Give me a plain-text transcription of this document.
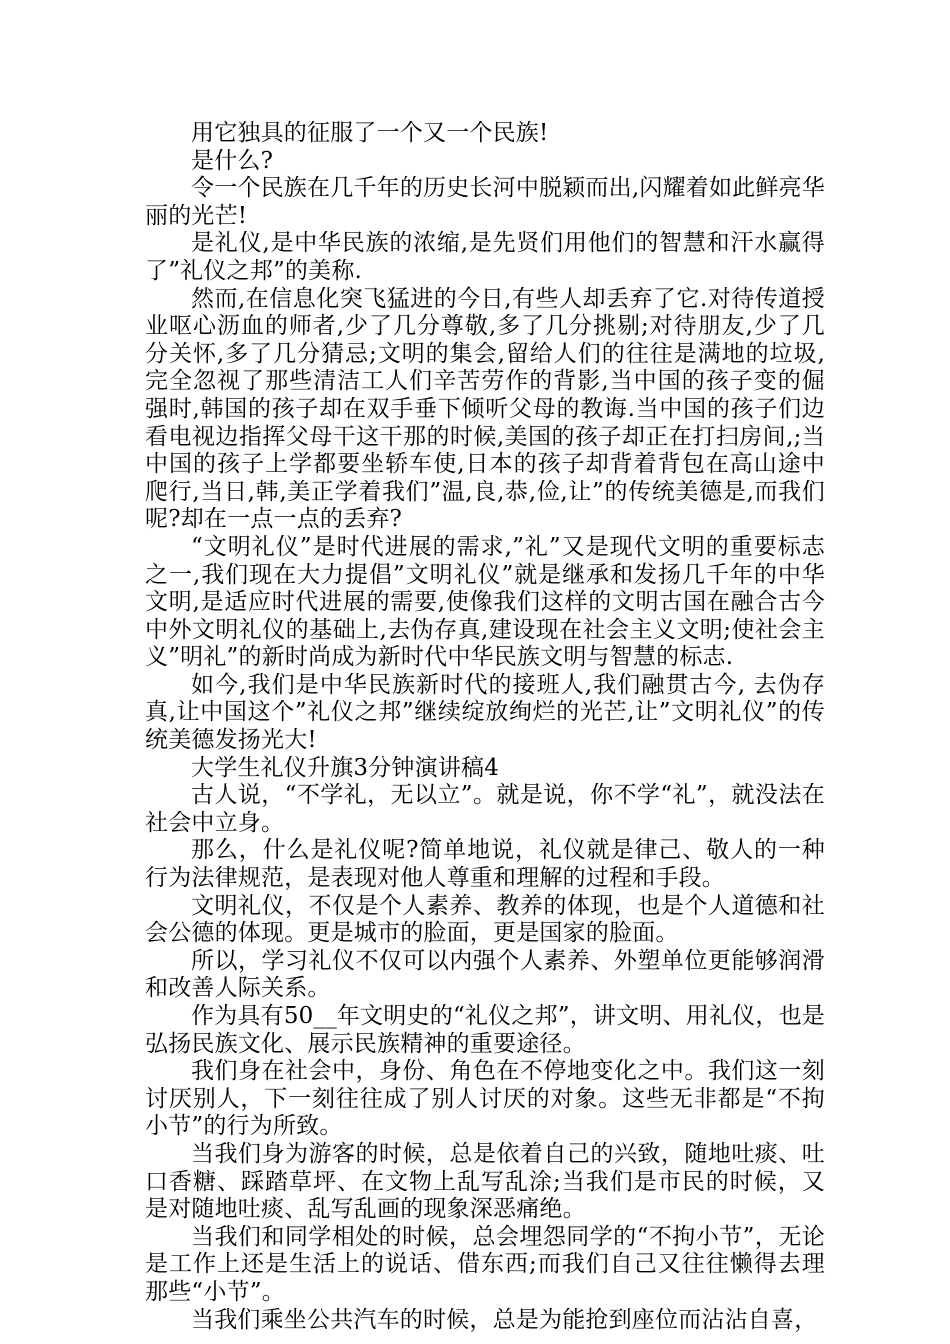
用它独具的征服了一个又一个民族!

是什么?

令一个民族在几千年的历史长河中脱颖而出,闪耀着如此鲜亮华丽的光芒!

是礼仪,是中华民族的浓缩,是先贤们用他们的智慧和汗水赢得了”礼仪之邦”的美称.

然而,在信息化突飞猛进的今日,有些人却丢弃了它.对待传道授业呕心沥血的师者,少了几分尊敬,多了几分挑剔;对待朋友,少了几分关怀,多了几分猜忌;文明的集会,留给人们的往往是满地的垃圾,完全忽视了那些清洁工人们辛苦劳作的背影,当中国的孩子变的倔强时,韩国的孩子却在双手垂下倾听父母的教诲.当中国的孩子们边看电视边指挥父母干这干那的时候,美国的孩子却正在打扫房间,;当中国的孩子上学都要坐轿车使,日本的孩子却背着背包在高山途中爬行,当日,韩,美正学着我们”温,良,恭,俭,让”的传统美德是,而我们呢?却在一点一点的丢弃?

“文明礼仪”是时代进展的需求,”礼”又是现代文明的重要标志之一,我们现在大力提倡”文明礼仪”就是继承和发扬几千年的中华文明,是适应时代进展的需要,使像我们这样的文明古国在融合古今中外文明礼仪的基础上,去伪存真,建设现在社会主义文明;使社会主义”明礼”的新时尚成为新时代中华民族文明与智慧的标志.

如今,我们是中华民族新时代的接班人,我们融贯古今, 去伪存真,让中国这个”礼仪之邦”继续绽放绚烂的光芒,让”文明礼仪”的传统美德发扬光大!

大学生礼仪升旗3分钟演讲稿4

古人说，“不学礼，无以立”。就是说，你不学“礼”，就没法在社会中立身。

那么，什么是礼仪呢?简单地说，礼仪就是律己、敬人的一种行为法律规范，是表现对他人尊重和理解的过程和手段。

文明礼仪，不仅是个人素养、教养的体现，也是个人道德和社会公德的体现。更是城市的脸面，更是国家的脸面。

所以，学习礼仪不仅可以内强个人素养、外塑单位更能够润滑和改善人际关系。

作为具有50__年文明史的“礼仪之邦”，讲文明、用礼仪，也是弘扬民族文化、展示民族精神的重要途径。

我们身在社会中，身份、角色在不停地变化之中。我们这一刻讨厌别人，下一刻往往成了别人讨厌的对象。这些无非都是“不拘小节”的行为所致。

当我们身为游客的时候，总是依着自己的兴致，随地吐痰、吐口香糖、踩踏草坪、在文物上乱写乱涂;当我们是市民的时候，又是对随地吐痰、乱写乱画的现象深恶痛绝。

当我们和同学相处的时候，总会埋怨同学的“不拘小节”，无论是工作上还是生活上的说话、借东西;而我们自己又往往懒得去理那些“小节”。

当我们乘坐公共汽车的时候，总是为能抢到座位而沾沾自喜，
